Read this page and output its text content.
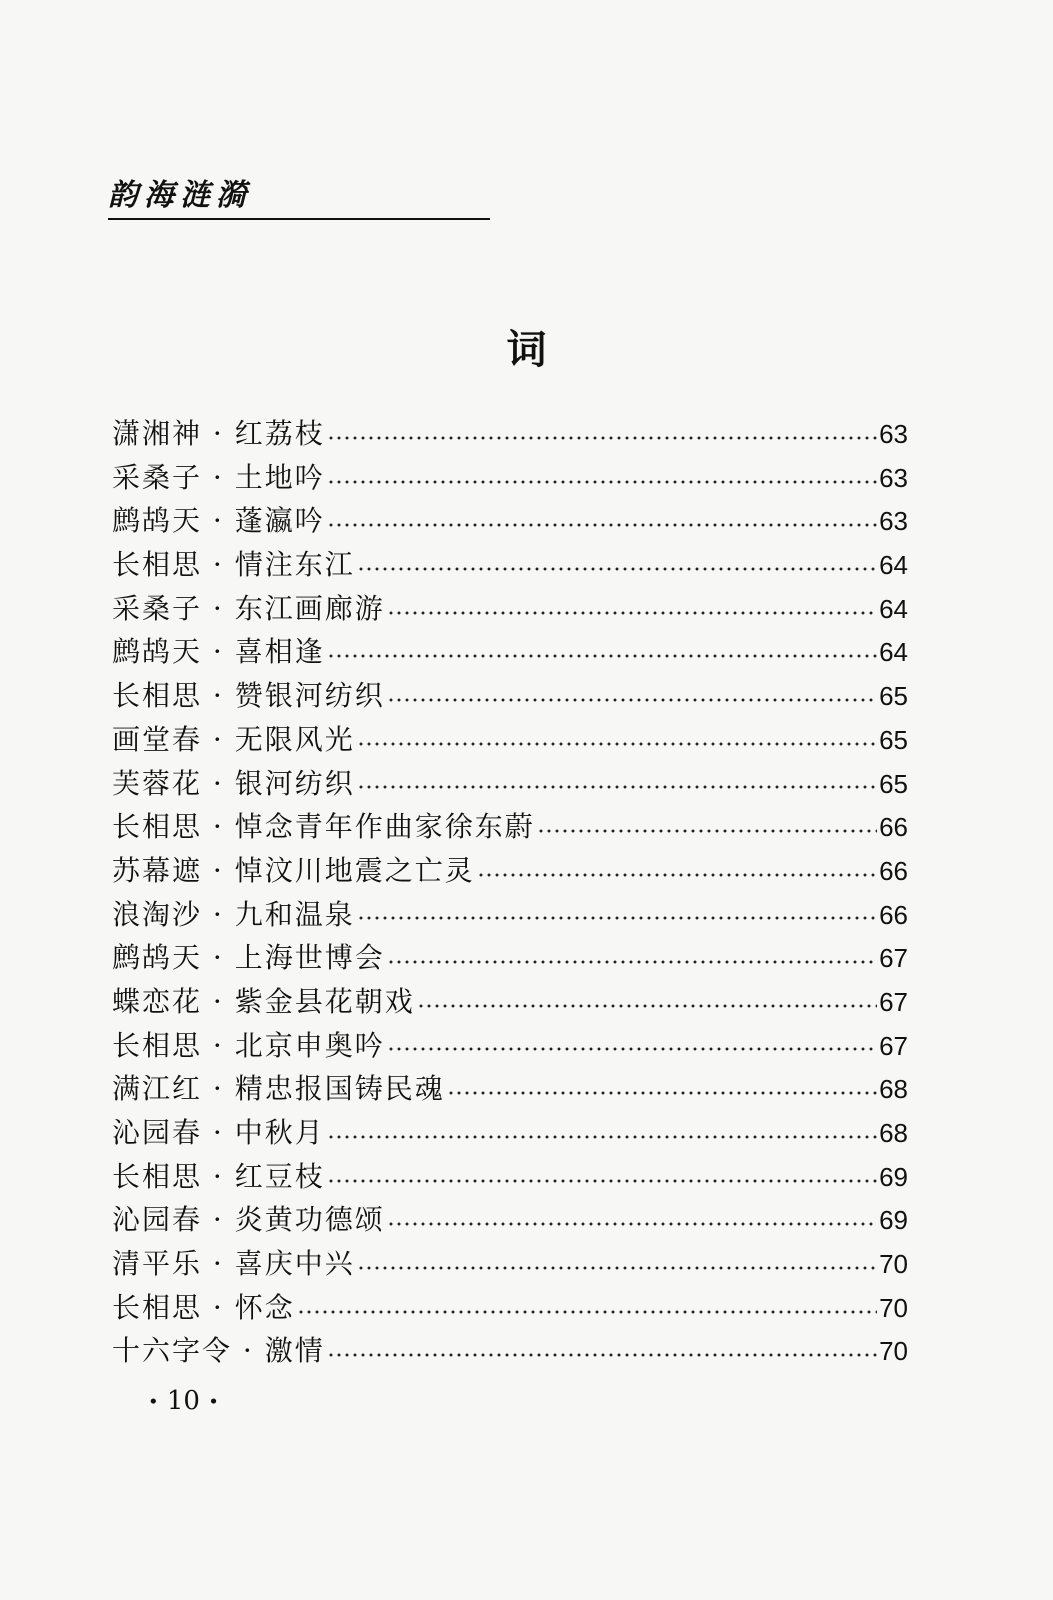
韵海涟漪
词
潇湘神 · 红荔枝	63
采桑子 · 土地吟	63
鹧鸪天 · 蓬瀛吟	63
长相思 · 情注东江	64
采桑子 · 东江画廊游	64
鹧鸪天 · 喜相逢	64
长相思 · 赞银河纺织	65
画堂春 · 无限风光	65
芙蓉花 · 银河纺织	65
长相思 · 悼念青年作曲家徐东蔚	66
苏幕遮 · 悼汶川地震之亡灵	66
浪淘沙 · 九和温泉	66
鹧鸪天 · 上海世博会	67
蝶恋花 · 紫金县花朝戏	67
长相思 · 北京申奥吟	67
满江红 · 精忠报国铸民魂	68
沁园春 · 中秋月	68
长相思 · 红豆枝	69
沁园春 · 炎黄功德颂	69
清平乐 · 喜庆中兴	70
长相思 · 怀念	70
十六字令 · 激情	70
• 10 •
